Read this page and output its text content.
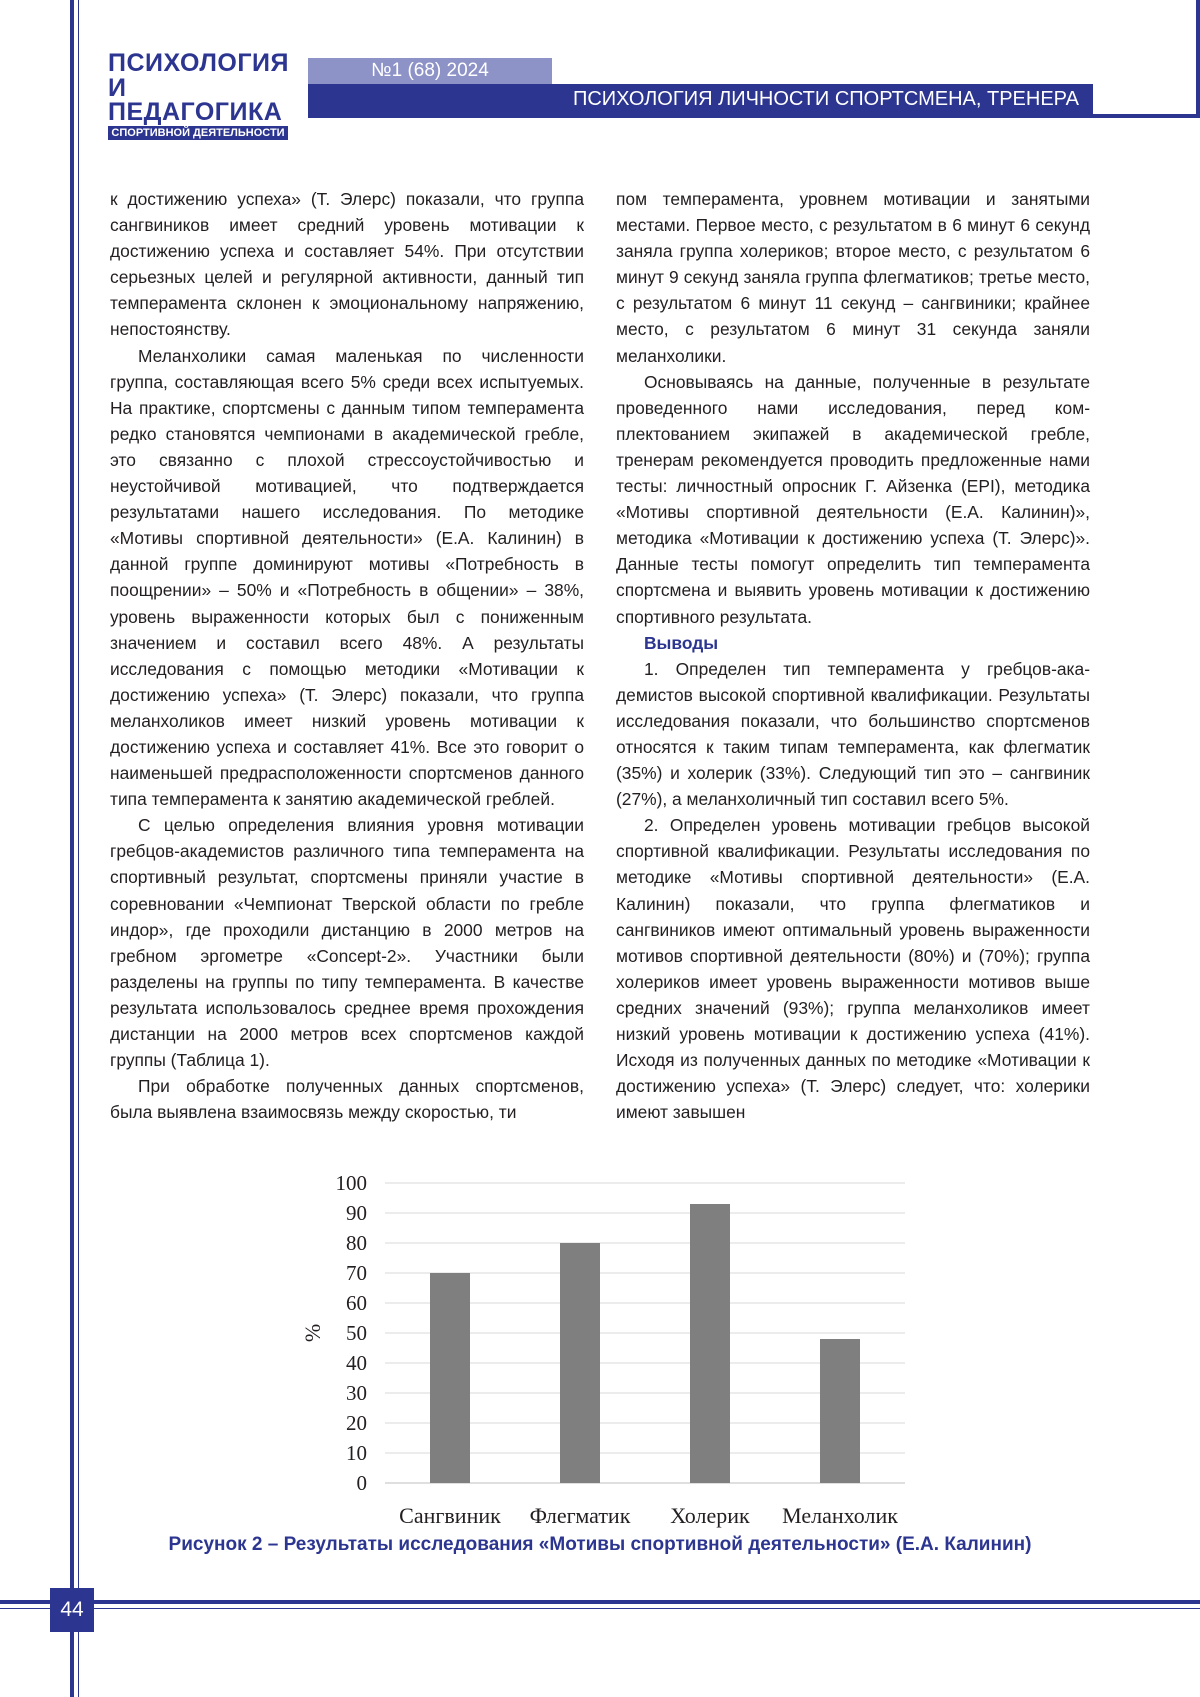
ПСИХОЛОГИЯ
И ПЕДАГОГИКА
СПОРТИВНОЙ ДЕЯТЕЛЬНОСТИ
№1 (68) 2024
ПСИХОЛОГИЯ ЛИЧНОСТИ СПОРТСМЕНА, ТРЕНЕРА

к достижению успеха» (Т. Элерс) показали, что группа сангвиников имеет средний уровень мотивации к достижению успеха и составляет 54%. При отсутствии серьезных целей и регулярной активности, данный тип темперамента склонен к эмоциональному напряжению, непостоянству.

Меланхолики самая маленькая по численности группа, составляющая всего 5% среди всех испытуемых. На практике, спортсмены с данным типом темперамента редко становятся чемпионами в академической гребле, это связанно с плохой стрессоустойчивостью и неустойчивой мотивацией, что подтверждается результатами нашего исследования. По методике «Мотивы спортивной деятельности» (Е.А. Калинин) в данной группе доминируют мотивы «Потребность в поощрении» – 50% и «Потребность в общении» – 38%, уровень выраженности которых был с пониженным значением и составил всего 48%. А результаты исследования с помощью методики «Мотивации к достижению успеха» (Т. Элерс) показали, что группа меланхоликов имеет низкий уровень мотивации к достижению успеха и составляет 41%. Все это говорит о наименьшей предрасположенности спортсменов данного типа темперамента к занятию академической греблей.

С целью определения влияния уровня мотивации гребцов-академистов различного типа темперамента на спортивный результат, спортсмены приняли участие в соревновании «Чемпионат Тверской области по гребле индор», где проходили дистанцию в 2000 метров на гребном эргометре «Concept-2». Участники были разделены на группы по типу темперамента. В качестве результата использовалось среднее время прохождения дистанции на 2000 метров всех спортсменов каждой группы (Таблица 1).

При обработке полученных данных спортсменов, была выявлена взаимосвязь между скоростью, ти

пом темперамента, уровнем мотивации и занятыми местами. Первое место, с результатом в 6 минут 6 секунд заняла группа холериков; второе место, с результатом 6 минут 9 секунд заняла группа флегматиков; третье место, с результатом 6 минут 11 секунд – сангвиники; крайнее место, с результатом 6 минут 31 секунда заняли меланхолики.

Основываясь на данные, полученные в результате проведенного нами исследования, перед комплектованием экипажей в академической гребле, тренерам рекомендуется проводить предложенные нами тесты: личностный опросник Г. Айзенка (EPI), методика «Мотивы спортивной деятельности (Е.А. Калинин)», методика «Мотивации к достижению успеха (Т. Элерс)». Данные тесты помогут определить тип темперамента спортсмена и выявить уровень мотивации к достижению спортивного результата.

Выводы

1. Определен тип темперамента у гребцов-академистов высокой спортивной квалификации. Результаты исследования показали, что большинство спортсменов относятся к таким типам темперамента, как флегматик (35%) и холерик (33%). Следующий тип это – сангвиник (27%), а меланхоличный тип составил всего 5%.

2. Определен уровень мотивации гребцов высокой спортивной квалификации. Результаты исследования по методике «Мотивы спортивной деятельности» (Е.А. Калинин) показали, что группа флегматиков и сангвиников имеют оптимальный уровень выраженности мотивов спортивной деятельности (80%) и (70%); группа холериков имеет уровень выраженности мотивов выше средних значений (93%); группа меланхоликов имеет низкий уровень мотивации к достижению успеха (41%). Исходя из полученных данных по методике «Мотивации к достижению успеха» (Т. Элерс) следует, что: холерики имеют завышен

0
10
20
30
40
50
60
70
80
90
100
%
Сангвиник Флегматик Холерик Меланхолик
Рисунок 2 – Результаты исследования «Мотивы спортивной деятельности» (Е.А. Калинин)
44
